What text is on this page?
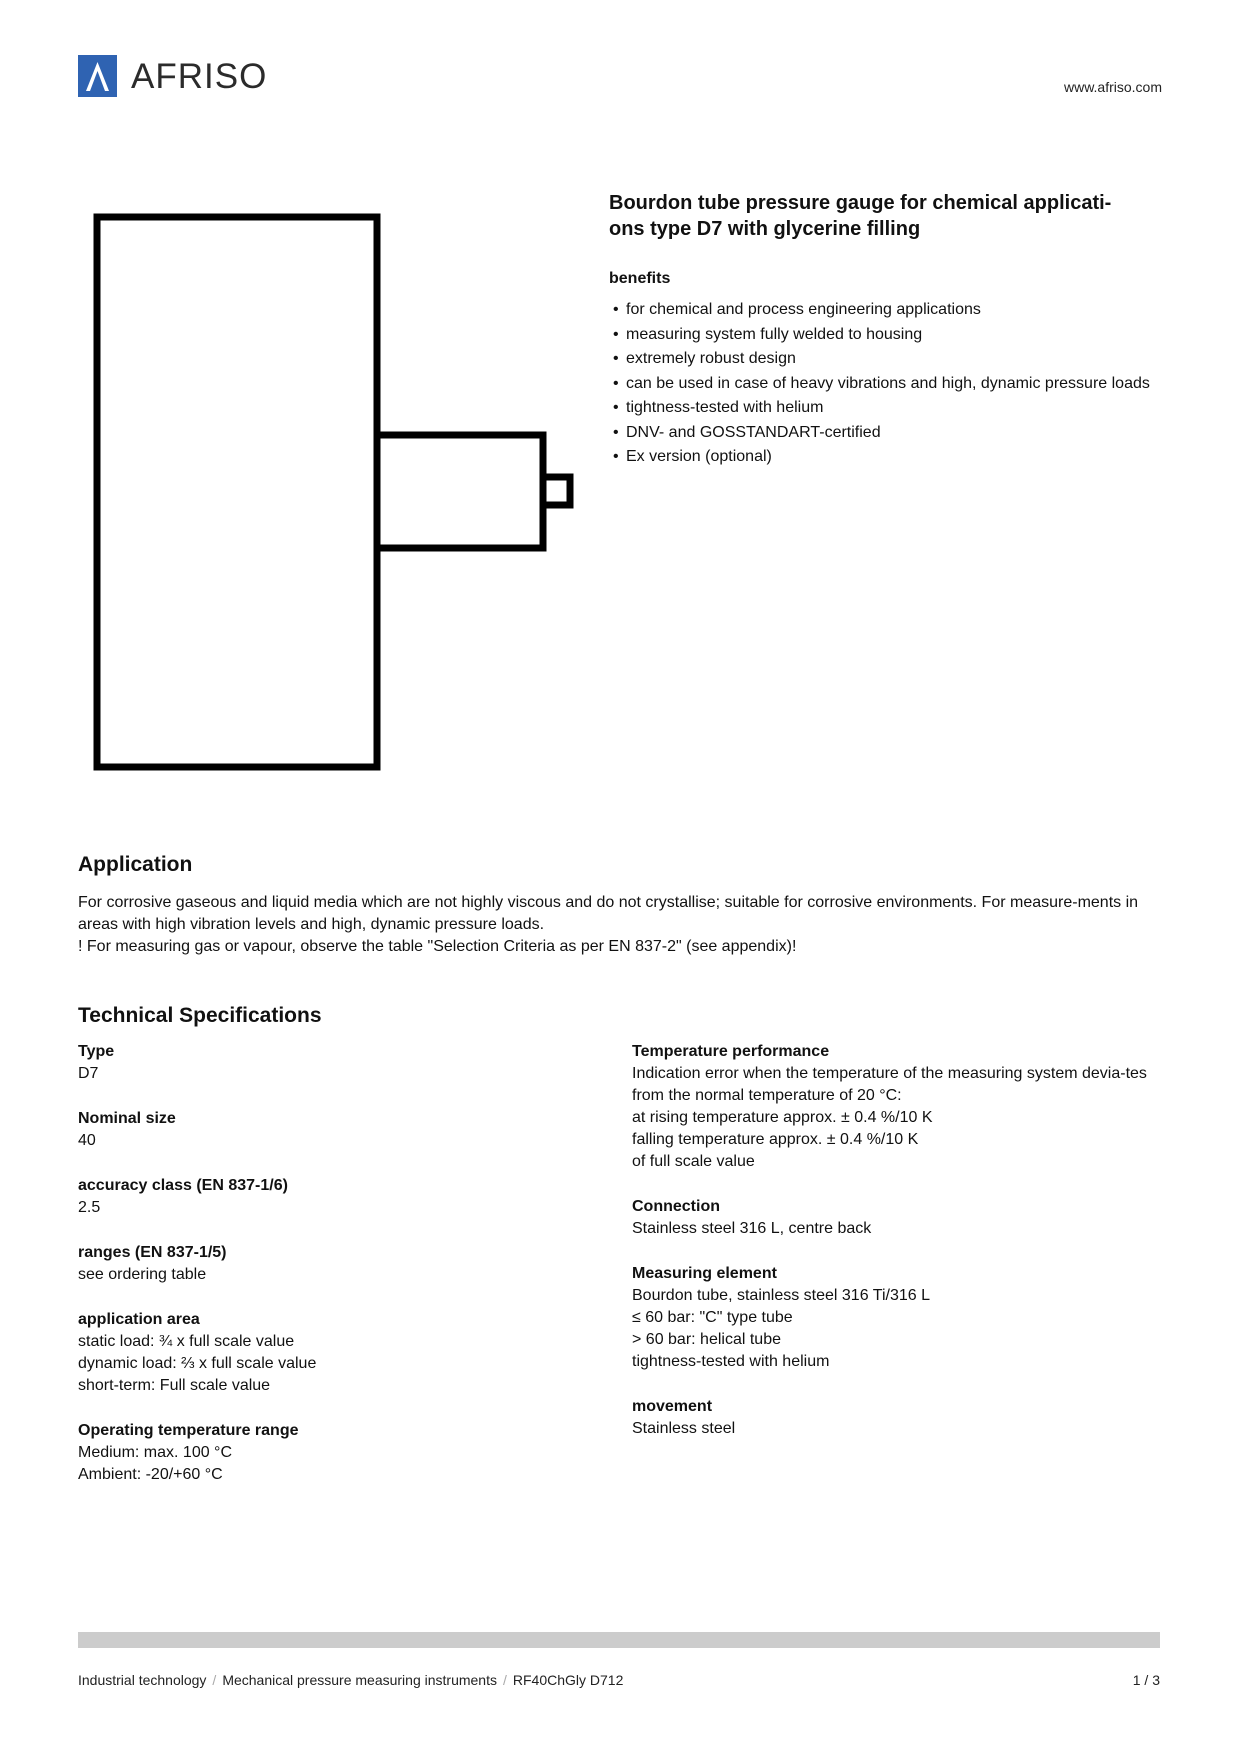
AFRISO	www.afriso.com
Bourdon tube pressure gauge for chemical applicati-
ons type D7 with glycerine filling
benefits
• for chemical and process engineering applications
• measuring system fully welded to housing
• extremely robust design
• can be used in case of heavy vibrations and high, dynamic pressure loads
• tightness-tested with helium
• DNV- and GOSSTANDART-certified
• Ex version (optional)
Application

For corrosive gaseous and liquid media which are not highly viscous and do not crystallise; suitable for corrosive environments. For measure-ments in areas with high vibration levels and high, dynamic pressure loads.

! For measuring gas or vapour, observe the table "Selection Criteria as per EN 837-2" (see appendix)!

Technical Specifications
Type
D7
Nominal size
40
accuracy class (EN 837-1/6)
2.5
ranges (EN 837-1/5)
see ordering table
application area
static load: ¾ x full scale value
dynamic load: ⅔ x full scale value
short-term: Full scale value
Operating temperature range
Medium: max. 100 °C
Ambient: -20/+60 °C
Temperature performance
Indication error when the temperature of the measuring system devia-tes from the normal temperature of 20 °C:
at rising temperature approx. ± 0.4 %/10 K
falling temperature approx. ± 0.4 %/10 K
of full scale value
Connection
Stainless steel 316 L, centre back
Measuring element
Bourdon tube, stainless steel 316 Ti/316 L
≤ 60 bar: "C" type tube
> 60 bar: helical tube
tightness-tested with helium
movement
Stainless steel
Industrial technology / Mechanical pressure measuring instruments / RF40ChGly D712	1 / 3
